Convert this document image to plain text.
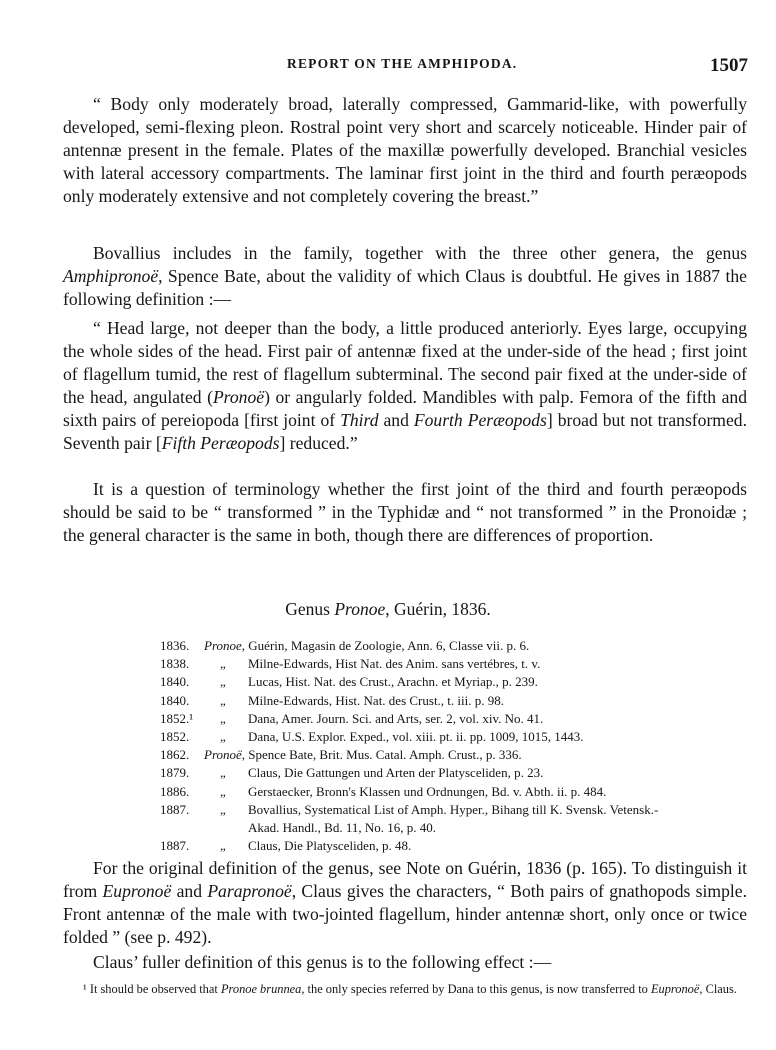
REPORT ON THE AMPHIPODA.	1507

“ Body only moderately broad, laterally compressed, Gammarid-like, with powerfully developed, semi-flexing pleon. Rostral point very short and scarcely noticeable. Hinder pair of antennæ present in the female. Plates of the maxillæ powerfully developed. Branchial vesicles with lateral accessory compartments. The laminar first joint in the third and fourth peræopods only moderately extensive and not completely covering the breast.”

Bovallius includes in the family, together with the three other genera, the genus Amphipronoë, Spence Bate, about the validity of which Claus is doubtful. He gives in 1887 the following definition :—

“ Head large, not deeper than the body, a little produced anteriorly. Eyes large, occupying the whole sides of the head. First pair of antennæ fixed at the under-side of the head ; first joint of flagellum tumid, the rest of flagellum subterminal. The second pair fixed at the under-side of the head, angulated (Pronoë) or angularly folded. Mandibles with palp. Femora of the fifth and sixth pairs of pereiopoda [first joint of Third and Fourth Peræopods] broad but not transformed. Seventh pair [Fifth Peræopods] reduced.”

It is a question of terminology whether the first joint of the third and fourth peræopods should be said to be “ transformed ” in the Typhidæ and “ not transformed ” in the Pronoidæ ; the general character is the same in both, though there are differences of proportion.

Genus Pronoe, Guérin, 1836.
1836.	Pronoe, Guérin, Magasin de Zoologie, Ann. 6, Classe vii. p. 6.
1838.	„	Milne-Edwards, Hist Nat. des Anim. sans vertébres, t. v.
1840.	„	Lucas, Hist. Nat. des Crust., Arachn. et Myriap., p. 239.
1840.	„	Milne-Edwards, Hist. Nat. des Crust., t. iii. p. 98.
1852.¹	„	Dana, Amer. Journ. Sci. and Arts, ser. 2, vol. xiv. No. 41.
1852.	„	Dana, U.S. Explor. Exped., vol. xiii. pt. ii. pp. 1009, 1015, 1443.
1862.	Pronoë, Spence Bate, Brit. Mus. Catal. Amph. Crust., p. 336.
1879.	„	Claus, Die Gattungen und Arten der Platysceliden, p. 23.
1886.	„	Gerstaecker, Bronn's Klassen und Ordnungen, Bd. v. Abth. ii. p. 484.
1887.	„	Bovallius, Systematical List of Amph. Hyper., Bihang till K. Svensk. Vetensk.-
Akad. Handl., Bd. 11, No. 16, p. 40.
1887.	„	Claus, Die Platysceliden, p. 48.

For the original definition of the genus, see Note on Guérin, 1836 (p. 165). To distinguish it from Eupronoë and Parapronoë, Claus gives the characters, “ Both pairs of gnathopods simple. Front antennæ of the male with two-jointed flagellum, hinder antennæ short, only once or twice folded ” (see p. 492).

Claus’ fuller definition of this genus is to the following effect :—

¹ It should be observed that Pronoe brunnea, the only species referred by Dana to this genus, is now transferred to Eupronoë, Claus.
